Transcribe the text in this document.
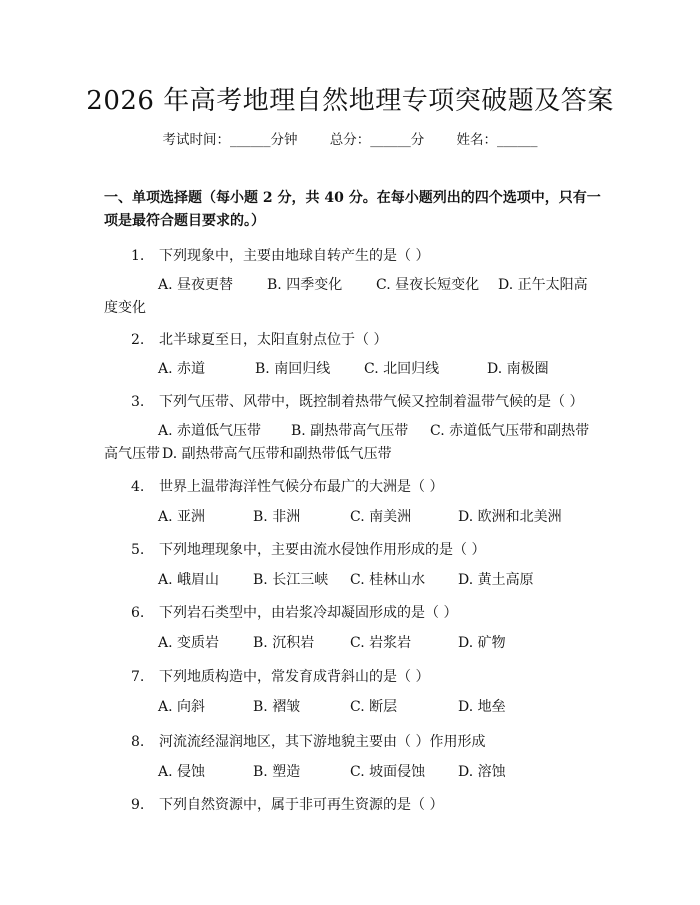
2026 年高考地理自然地理专项突破题及答案
考试时间：______分钟 总分：______分 姓名：______
一、单项选择题（每小题 2 分，共 40 分。在每小题列出的四个选项中，只有一项是最符合题目要求的。）
1. 下列现象中，主要由地球自转产生的是（ ）
A. 昼夜更替 B. 四季变化 C. 昼夜长短变化 D. 正午太阳高
度变化
2. 北半球夏至日，太阳直射点位于（ ）
A. 赤道	B. 南回归线 C. 北回归线	D. 南极圈
3. 下列气压带、风带中，既控制着热带气候又控制着温带气候的是（ ）
A. 赤道低气压带 B. 副热带高气压带 C. 赤道低气压带和副热带
高气压带 D. 副热带高气压带和副热带低气压带
4. 世界上温带海洋性气候分布最广的大洲是（ ）
A. 亚洲	B. 非洲	C. 南美洲	D. 欧洲和北美洲
5. 下列地理现象中，主要由流水侵蚀作用形成的是（ ）
A. 峨眉山 B. 长江三峡 C. 桂林山水 D. 黄土高原
6. 下列岩石类型中，由岩浆冷却凝固形成的是（ ）
A. 变质岩 B. 沉积岩	C. 岩浆岩	D. 矿物
7. 下列地质构造中，常发育成背斜山的是（ ）
A. 向斜	B. 褶皱	C. 断层	D. 地垒
8. 河流流经湿润地区，其下游地貌主要由（ ）作用形成
A. 侵蚀	B. 塑造	C. 坡面侵蚀 D. 溶蚀
9. 下列自然资源中，属于非可再生资源的是（ ）
